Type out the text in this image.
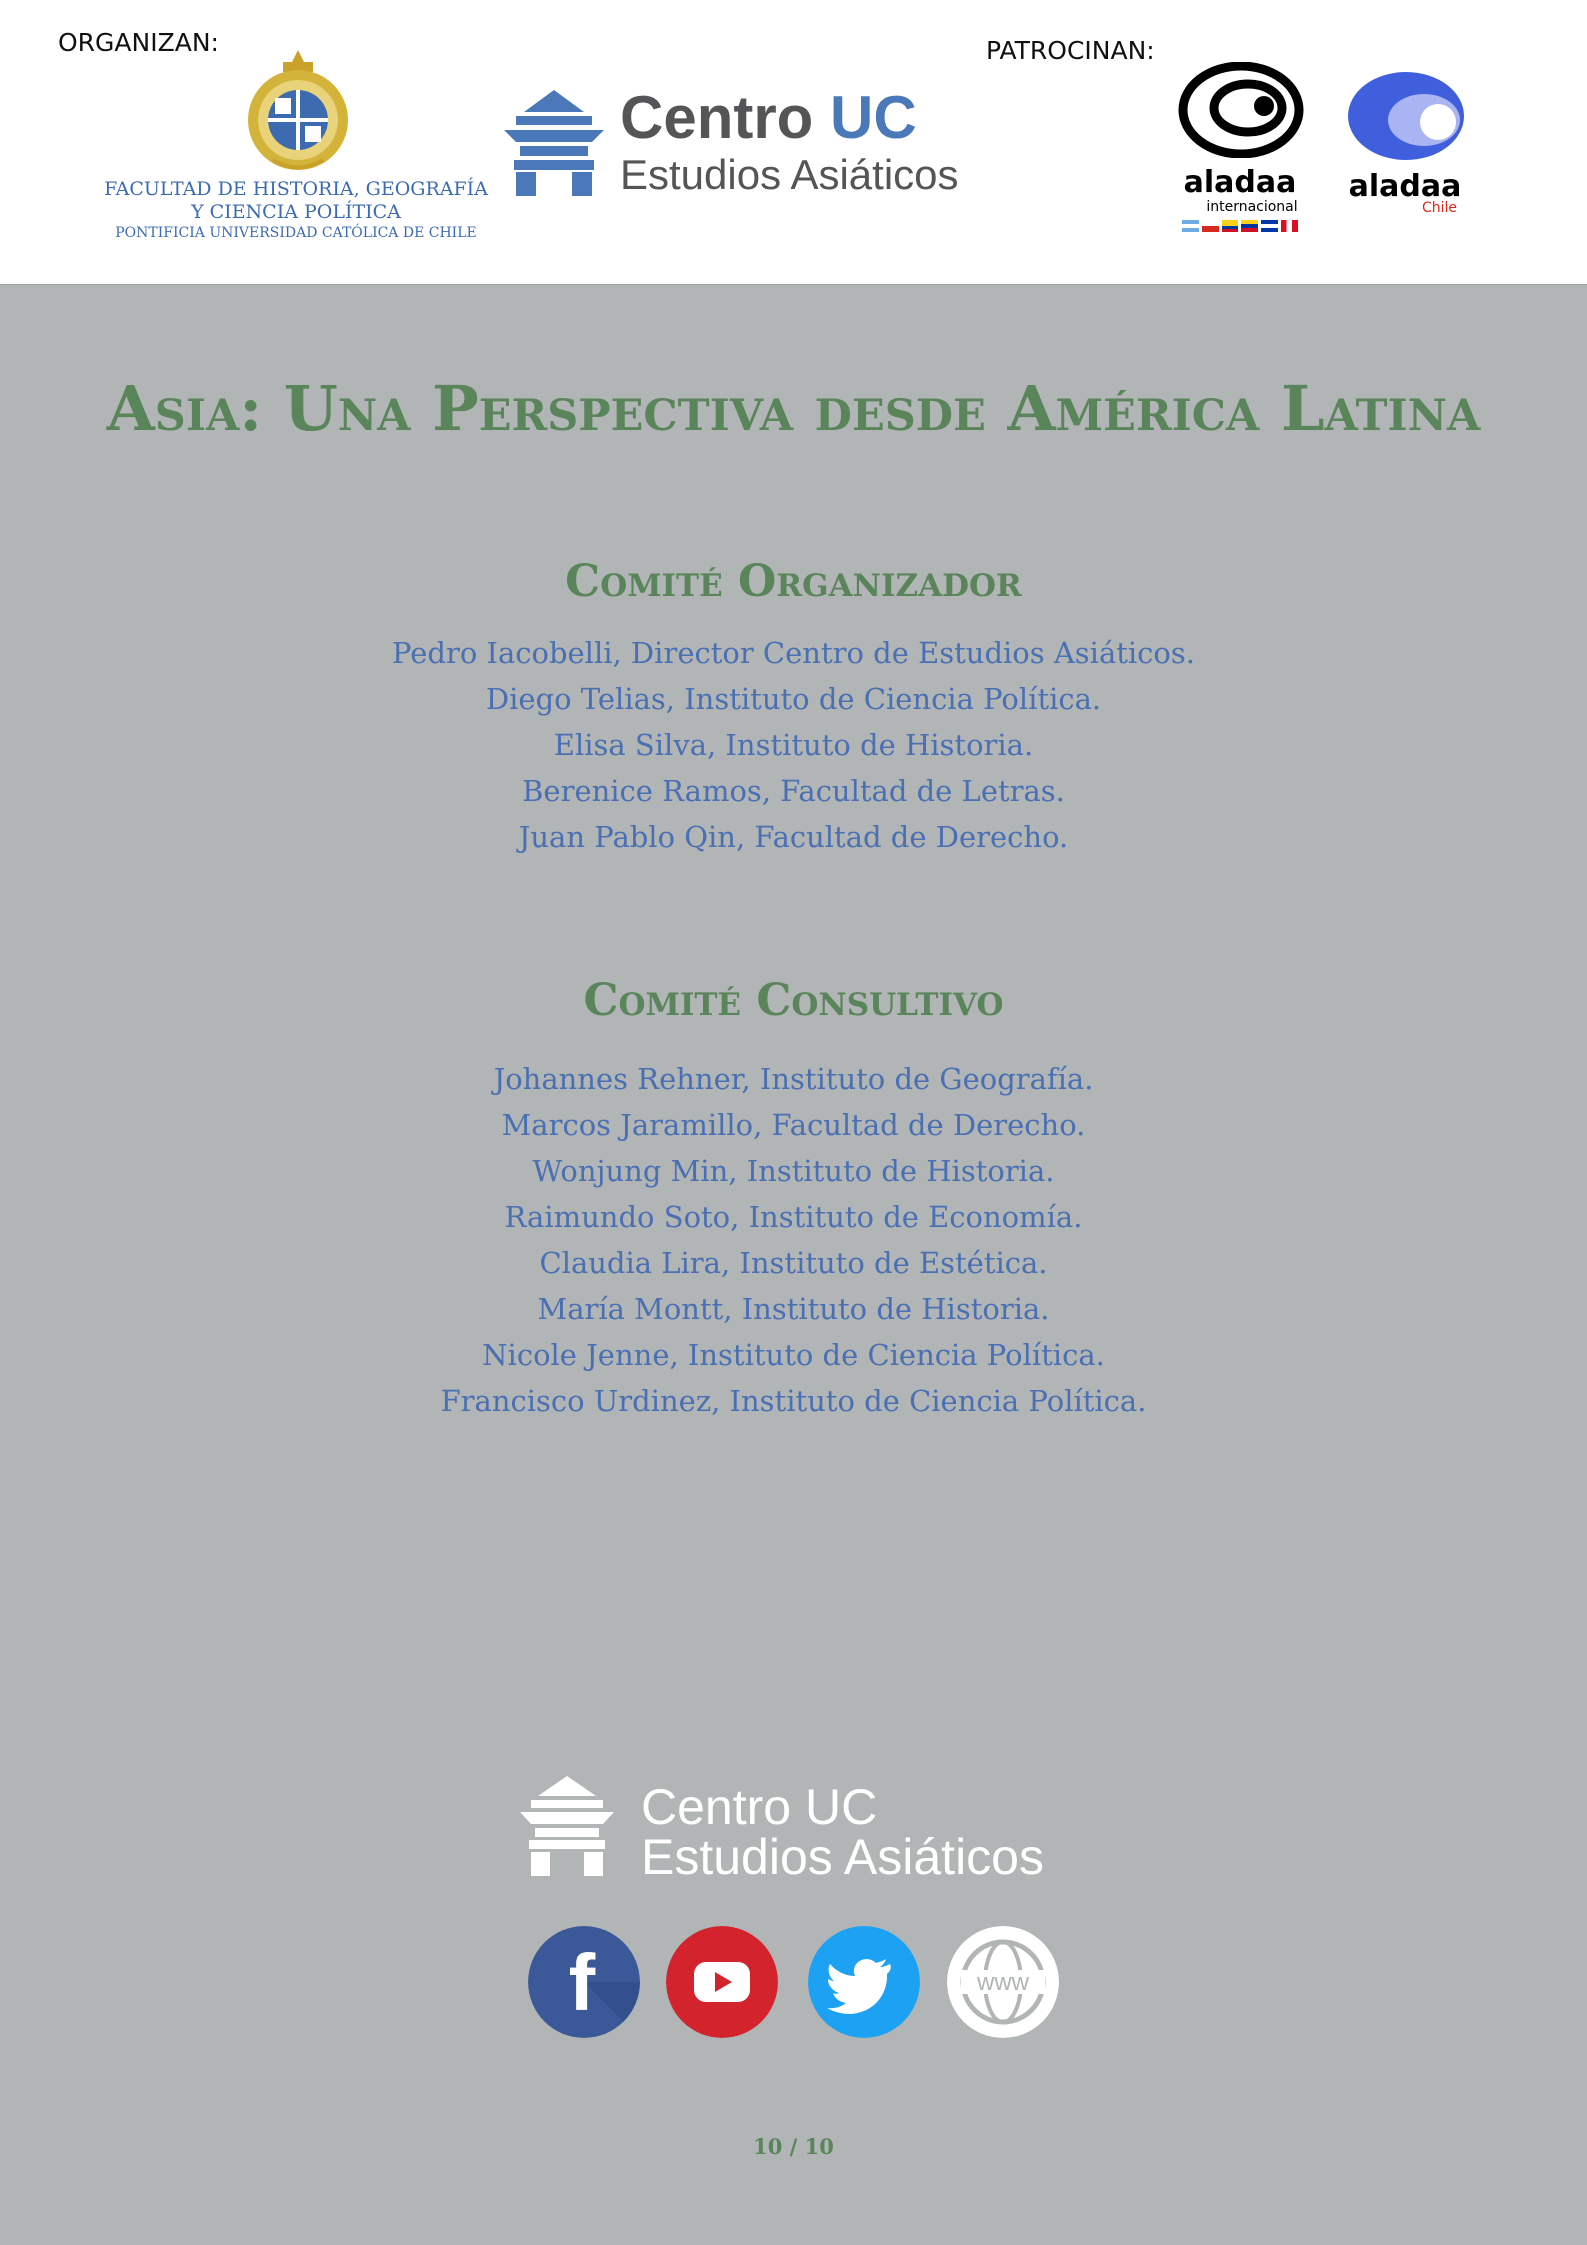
ORGANIZAN:	PATROCINAN:
FACULTAD DE HISTORIA, GEOGRAFÍA
Y CIENCIA POLÍTICA
PONTIFICIA UNIVERSIDAD CATÓLICA DE CHILE
Centro UC
Estudios Asiáticos	aladaa
internacional
aladaa
Chile
Asia: Una Perspectiva desde América Latina
Comité Organizador
Pedro Iacobelli, Director Centro de Estudios Asiáticos.
Diego Telias, Instituto de Ciencia Política.
Elisa Silva, Instituto de Historia.
Berenice Ramos, Facultad de Letras.
Juan Pablo Qin, Facultad de Derecho.
Comité Consultivo
Johannes Rehner, Instituto de Geografía.
Marcos Jaramillo, Facultad de Derecho.
Wonjung Min, Instituto de Historia.
Raimundo Soto, Instituto de Economía.
Claudia Lira, Instituto de Estética.
María Montt, Instituto de Historia.
Nicole Jenne, Instituto de Ciencia Política.
Francisco Urdinez, Instituto de Ciencia Política.
Centro UC
Estudios Asiáticos
f	www
10 / 10
